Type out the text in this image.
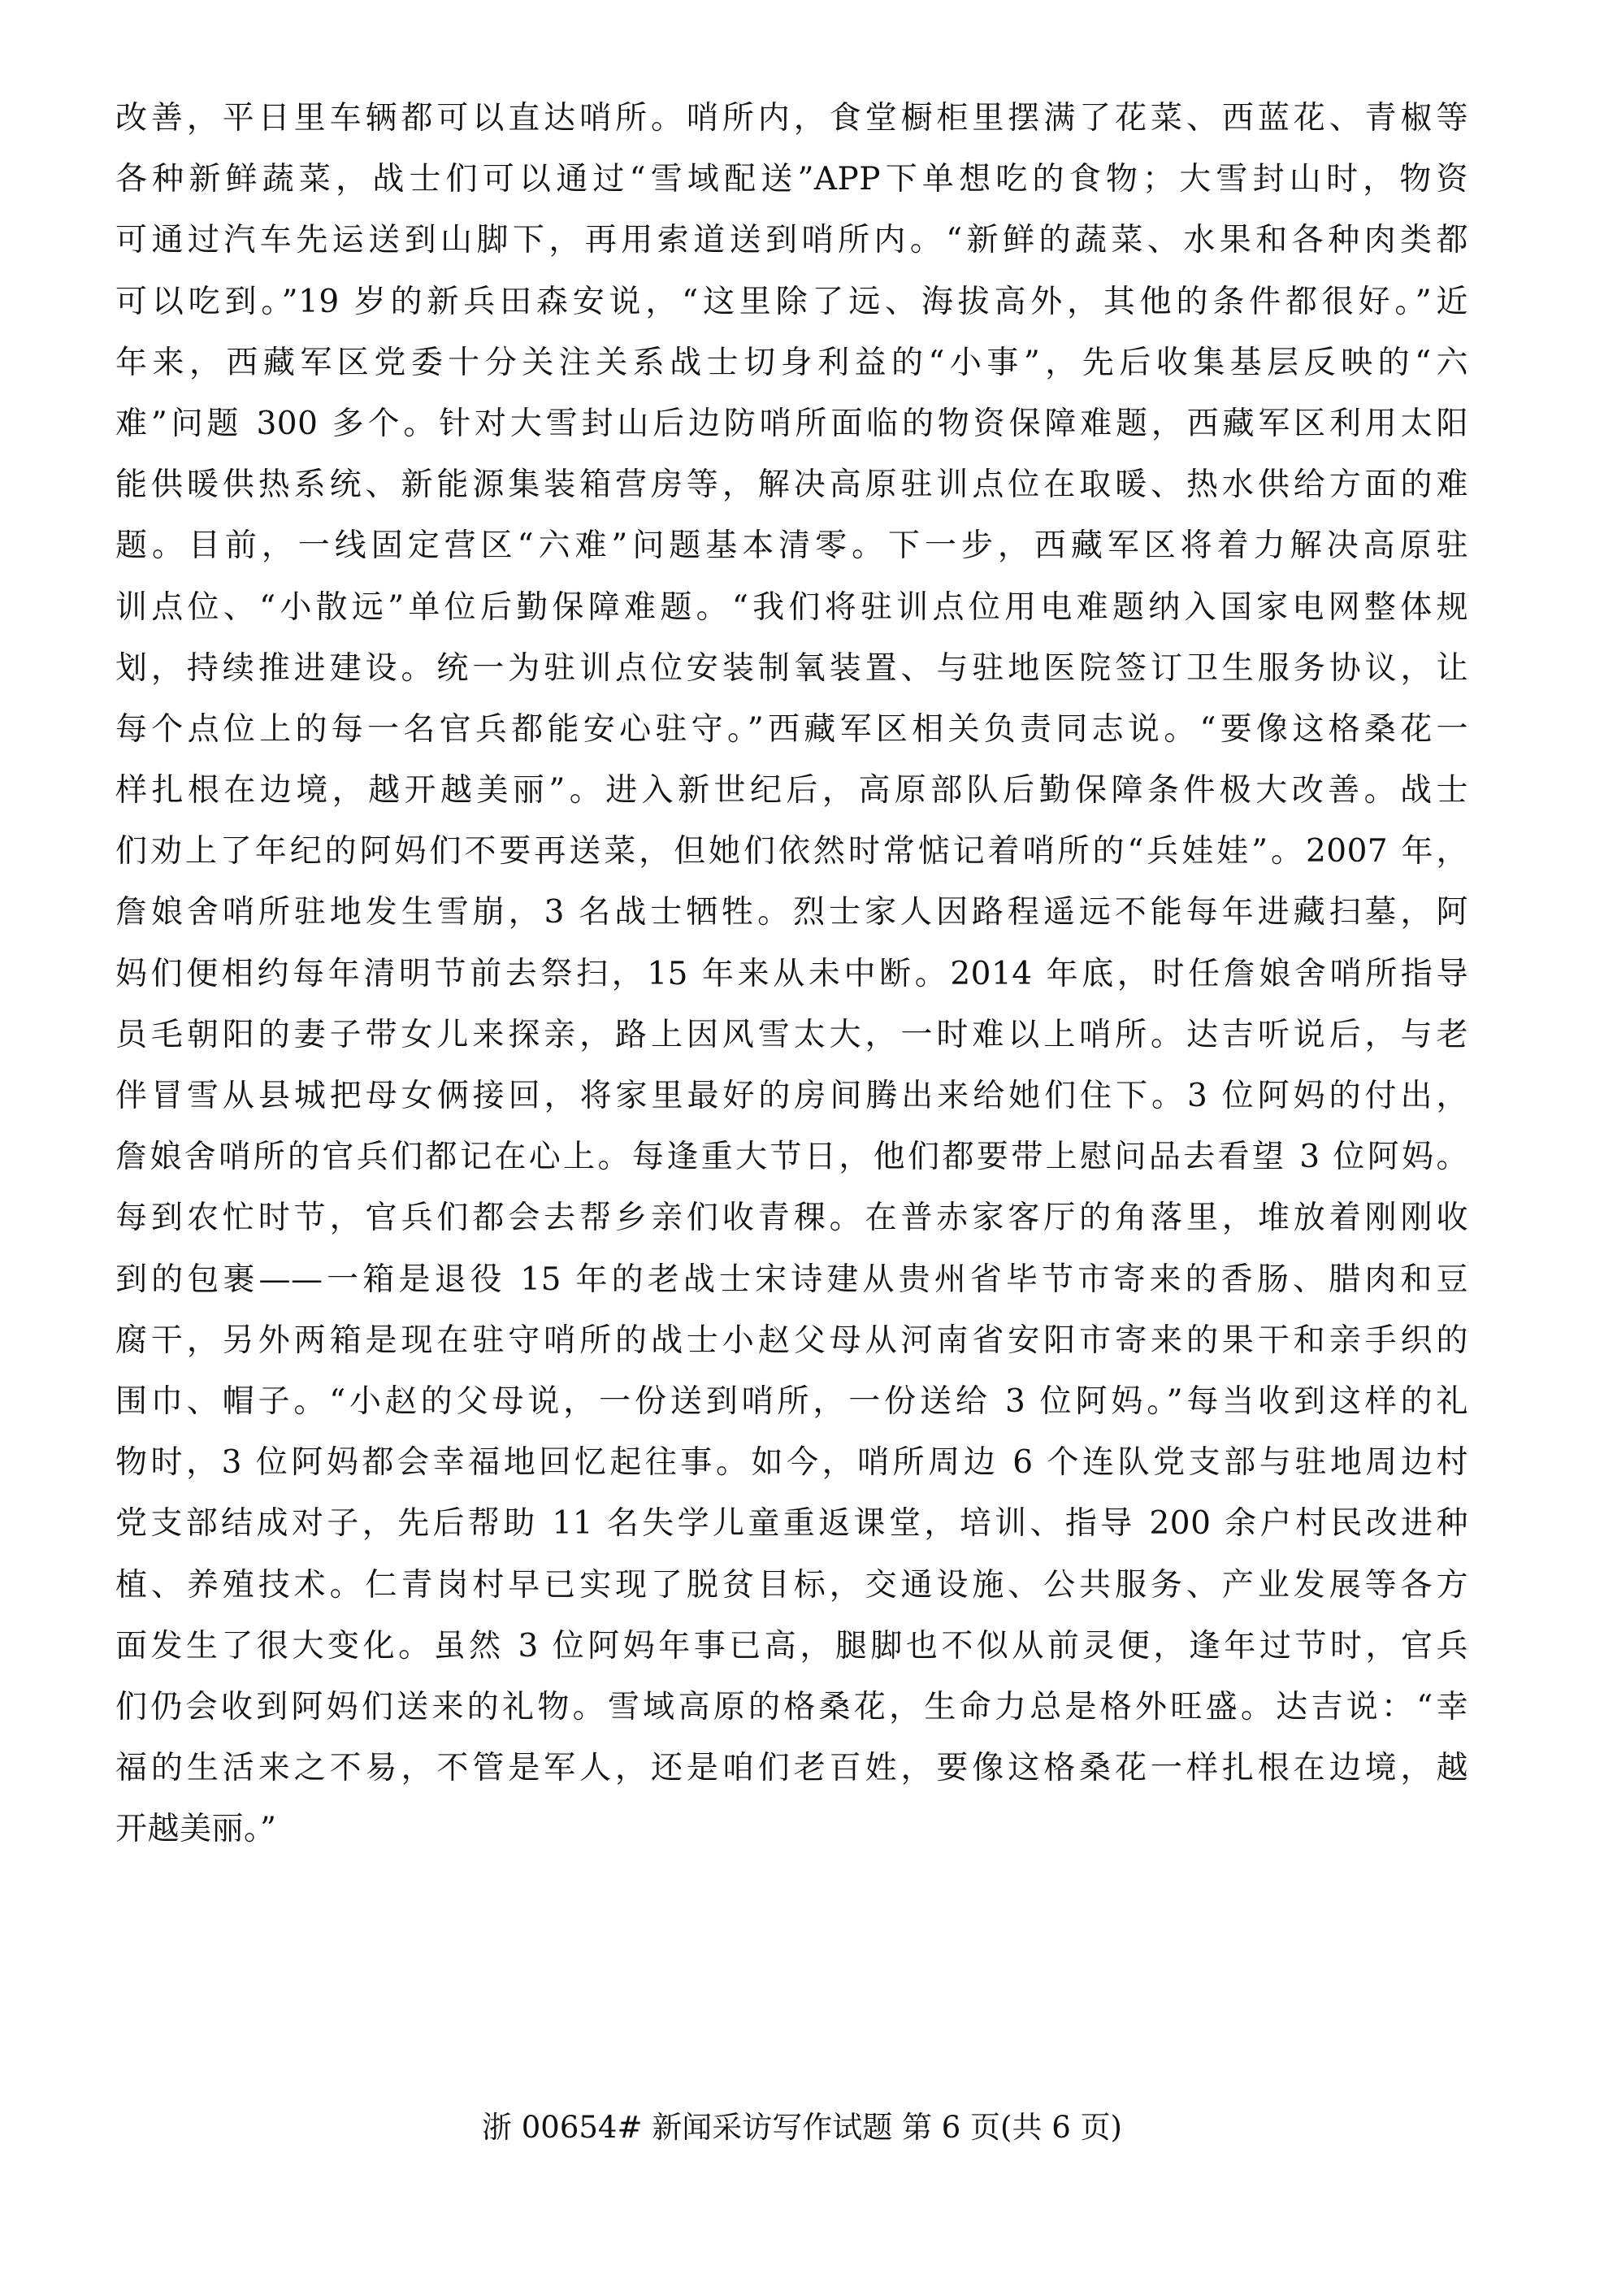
改善，平日里车辆都可以直达哨所。哨所内，食堂橱柜里摆满了花菜、西蓝花、青椒等
各种新鲜蔬菜，战士们可以通过“雪域配送”APP下单想吃的食物；大雪封山时，物资
可通过汽车先运送到山脚下，再用索道送到哨所内。“新鲜的蔬菜、水果和各种肉类都
可以吃到。”19 岁的新兵田森安说，“这里除了远、海拔高外，其他的条件都很好。”近
年来，西藏军区党委十分关注关系战士切身利益的“小事”，先后收集基层反映的“六
难”问题 300 多个。针对大雪封山后边防哨所面临的物资保障难题，西藏军区利用太阳
能供暖供热系统、新能源集装箱营房等，解决高原驻训点位在取暖、热水供给方面的难
题。目前，一线固定营区“六难”问题基本清零。下一步，西藏军区将着力解决高原驻
训点位、“小散远”单位后勤保障难题。“我们将驻训点位用电难题纳入国家电网整体规
划，持续推进建设。统一为驻训点位安装制氧装置、与驻地医院签订卫生服务协议，让
每个点位上的每一名官兵都能安心驻守。”西藏军区相关负责同志说。“要像这格桑花一
样扎根在边境，越开越美丽”。进入新世纪后，高原部队后勤保障条件极大改善。战士
们劝上了年纪的阿妈们不要再送菜，但她们依然时常惦记着哨所的“兵娃娃”。2007 年，
詹娘舍哨所驻地发生雪崩，3 名战士牺牲。烈士家人因路程遥远不能每年进藏扫墓，阿
妈们便相约每年清明节前去祭扫，15 年来从未中断。2014 年底，时任詹娘舍哨所指导
员毛朝阳的妻子带女儿来探亲，路上因风雪太大，一时难以上哨所。达吉听说后，与老
伴冒雪从县城把母女俩接回，将家里最好的房间腾出来给她们住下。3 位阿妈的付出，
詹娘舍哨所的官兵们都记在心上。每逢重大节日，他们都要带上慰问品去看望 3 位阿妈。
每到农忙时节，官兵们都会去帮乡亲们收青稞。在普赤家客厅的角落里，堆放着刚刚收
到的包裹——一箱是退役 15 年的老战士宋诗建从贵州省毕节市寄来的香肠、腊肉和豆
腐干，另外两箱是现在驻守哨所的战士小赵父母从河南省安阳市寄来的果干和亲手织的
围巾、帽子。“小赵的父母说，一份送到哨所，一份送给 3 位阿妈。”每当收到这样的礼
物时，3 位阿妈都会幸福地回忆起往事。如今，哨所周边 6 个连队党支部与驻地周边村
党支部结成对子，先后帮助 11 名失学儿童重返课堂，培训、指导 200 余户村民改进种
植、养殖技术。仁青岗村早已实现了脱贫目标，交通设施、公共服务、产业发展等各方
面发生了很大变化。虽然 3 位阿妈年事已高，腿脚也不似从前灵便，逢年过节时，官兵
们仍会收到阿妈们送来的礼物。雪域高原的格桑花，生命力总是格外旺盛。达吉说：“幸
福的生活来之不易，不管是军人，还是咱们老百姓，要像这格桑花一样扎根在边境，越
开越美丽。”
浙 00654# 新闻采访写作试题 第 6 页(共 6 页)
